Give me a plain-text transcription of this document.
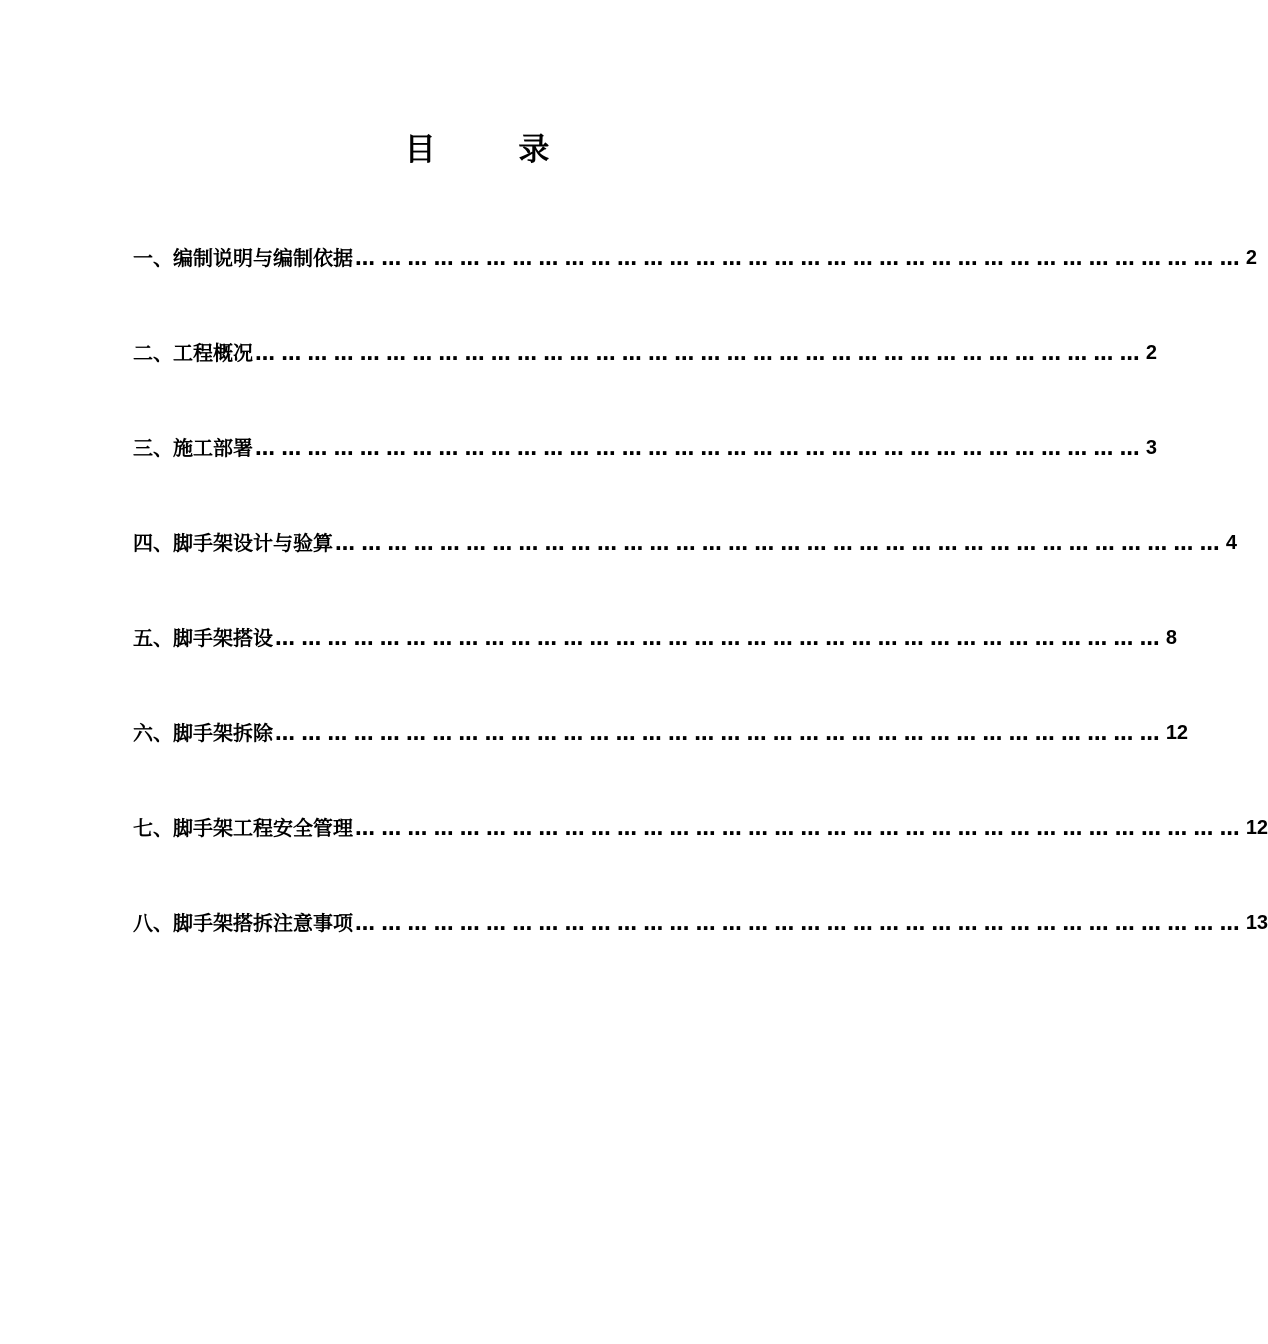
目 录
一、编制说明与编制依据 ………………………………………………………………………………………… 2
二、工程概况 ………………………………………………………………………………………… 2
三、施工部署 ………………………………………………………………………………………… 3
四、脚手架设计与验算 ………………………………………………………………………………………… 4
五、脚手架搭设 ………………………………………………………………………………………… 8
六、脚手架拆除 ………………………………………………………………………………………… 12
七、脚手架工程安全管理 ………………………………………………………………………………………… 12
八、脚手架搭拆注意事项 ………………………………………………………………………………………… 13
